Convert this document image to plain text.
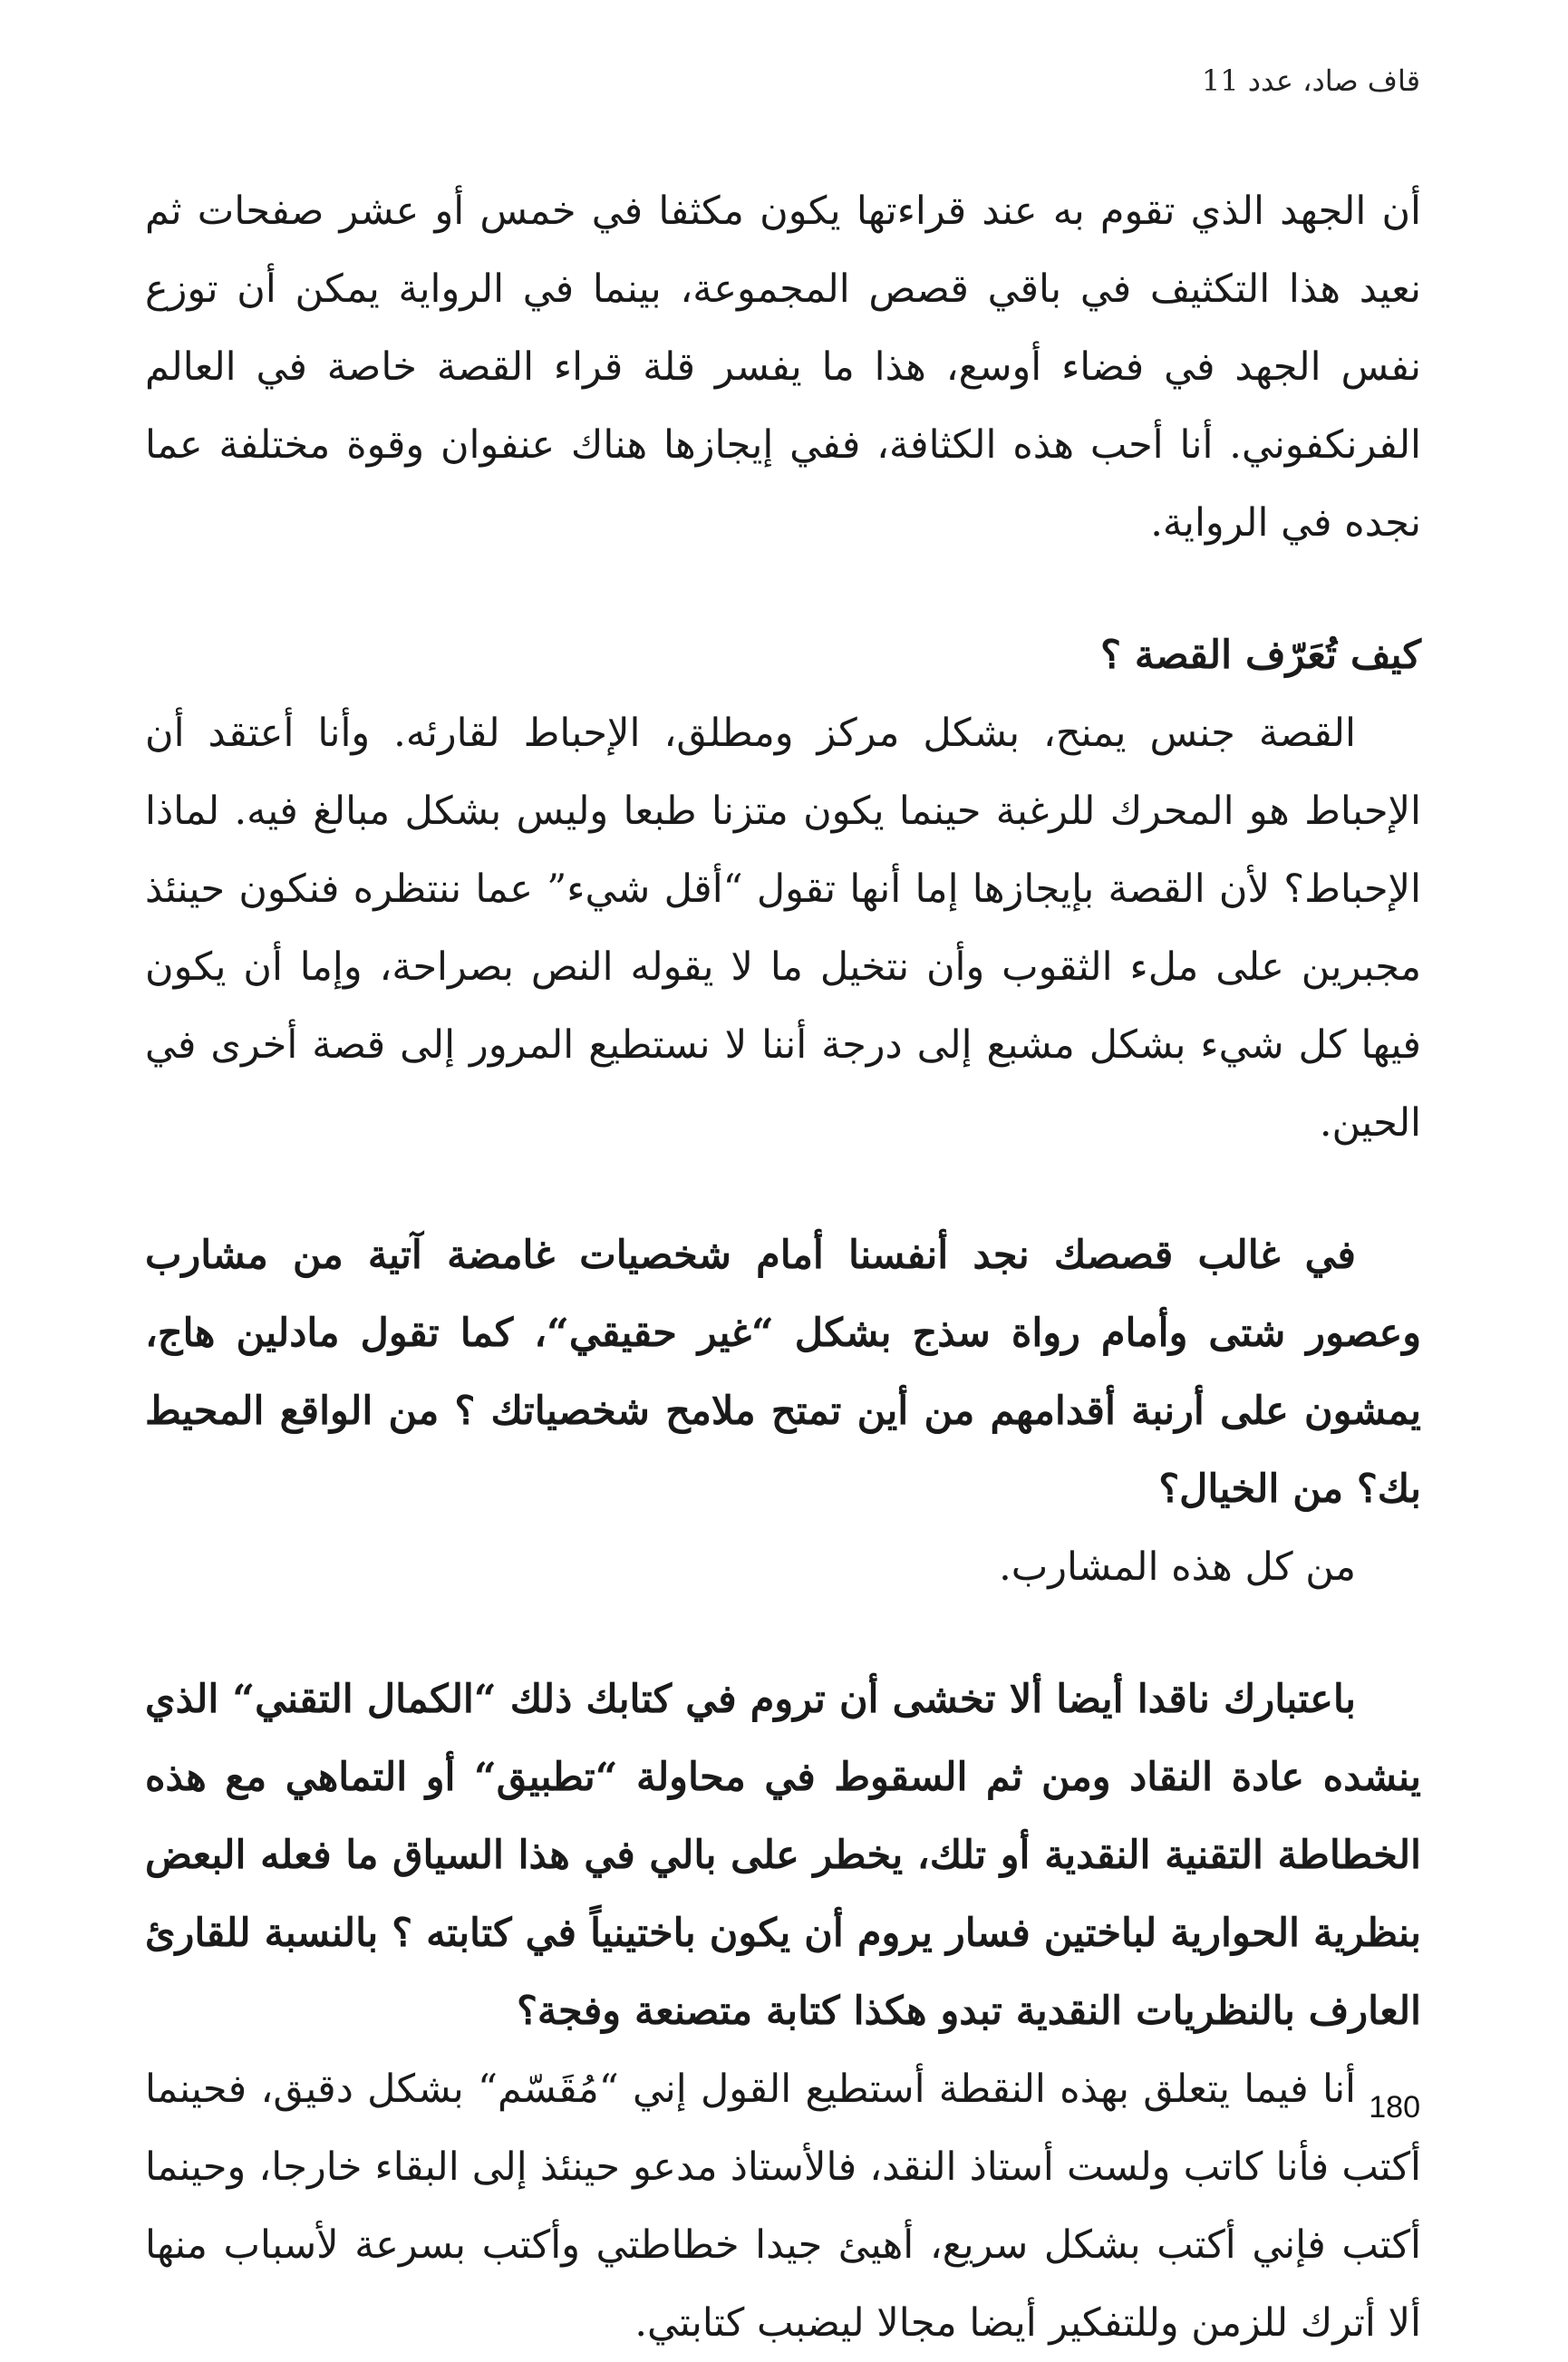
قاف صاد، عدد 11

أن الجهد الذي تقوم به عند قراءتها يكون مكثفا في خمس أو عشر صفحات ثم نعيد هذا التكثيف في باقي قصص المجموعة، بينما في الرواية يمكن أن توزع نفس الجهد في فضاء أوسع، هذا ما يفسر قلة قراء القصة خاصة في العالم الفرنكفوني. أنا أحب هذه الكثافة، ففي إيجازها هناك عنفوان وقوة مختلفة عما نجده في الرواية.

كيف تُعَرّف القصة ؟

القصة جنس يمنح، بشكل مركز ومطلق، الإحباط لقارئه. وأنا أعتقد أن الإحباط هو المحرك للرغبة حينما يكون متزنا طبعا وليس بشكل مبالغ فيه. لماذا الإحباط؟ لأن القصة بإيجازها إما أنها تقول “أقل شيء” عما ننتظره فنكون حينئذ مجبرين على ملء الثقوب وأن نتخيل ما لا يقوله النص بصراحة، وإما أن يكون فيها كل شيء بشكل مشبع إلى درجة أننا لا نستطيع المرور إلى قصة أخرى في الحين.

في غالب قصصك نجد أنفسنا أمام شخصيات غامضة آتية من مشارب وعصور شتى وأمام رواة سذج بشكل “غير حقيقي“، كما تقول مادلين هاج، يمشون على أرنبة أقدامهم من أين تمتح ملامح شخصياتك ؟ من الواقع المحيط بك؟ من الخيال؟

من كل هذه المشارب.

باعتبارك ناقدا أيضا ألا تخشى أن تروم في كتابك ذلك “الكمال التقني“ الذي ينشده عادة النقاد ومن ثم السقوط في محاولة “تطبيق“ أو التماهي مع هذه الخطاطة التقنية النقدية أو تلك، يخطر على بالي في هذا السياق ما فعله البعض بنظرية الحوارية لباختين فسار يروم أن يكون باختينياً في كتابته ؟ بالنسبة للقارئ العارف بالنظريات النقدية تبدو هكذا كتابة متصنعة وفجة؟

أنا فيما يتعلق بهذه النقطة أستطيع القول إني “مُقَسّم“ بشكل دقيق، فحينما أكتب فأنا كاتب ولست أستاذ النقد، فالأستاذ مدعو حينئذ إلى البقاء خارجا، وحينما أكتب فإني أكتب بشكل سريع، أهيئ جيدا خطاطتي وأكتب بسرعة لأسباب منها ألا أترك للزمن وللتفكير أيضا مجالا ليضبب كتابتي.

180
